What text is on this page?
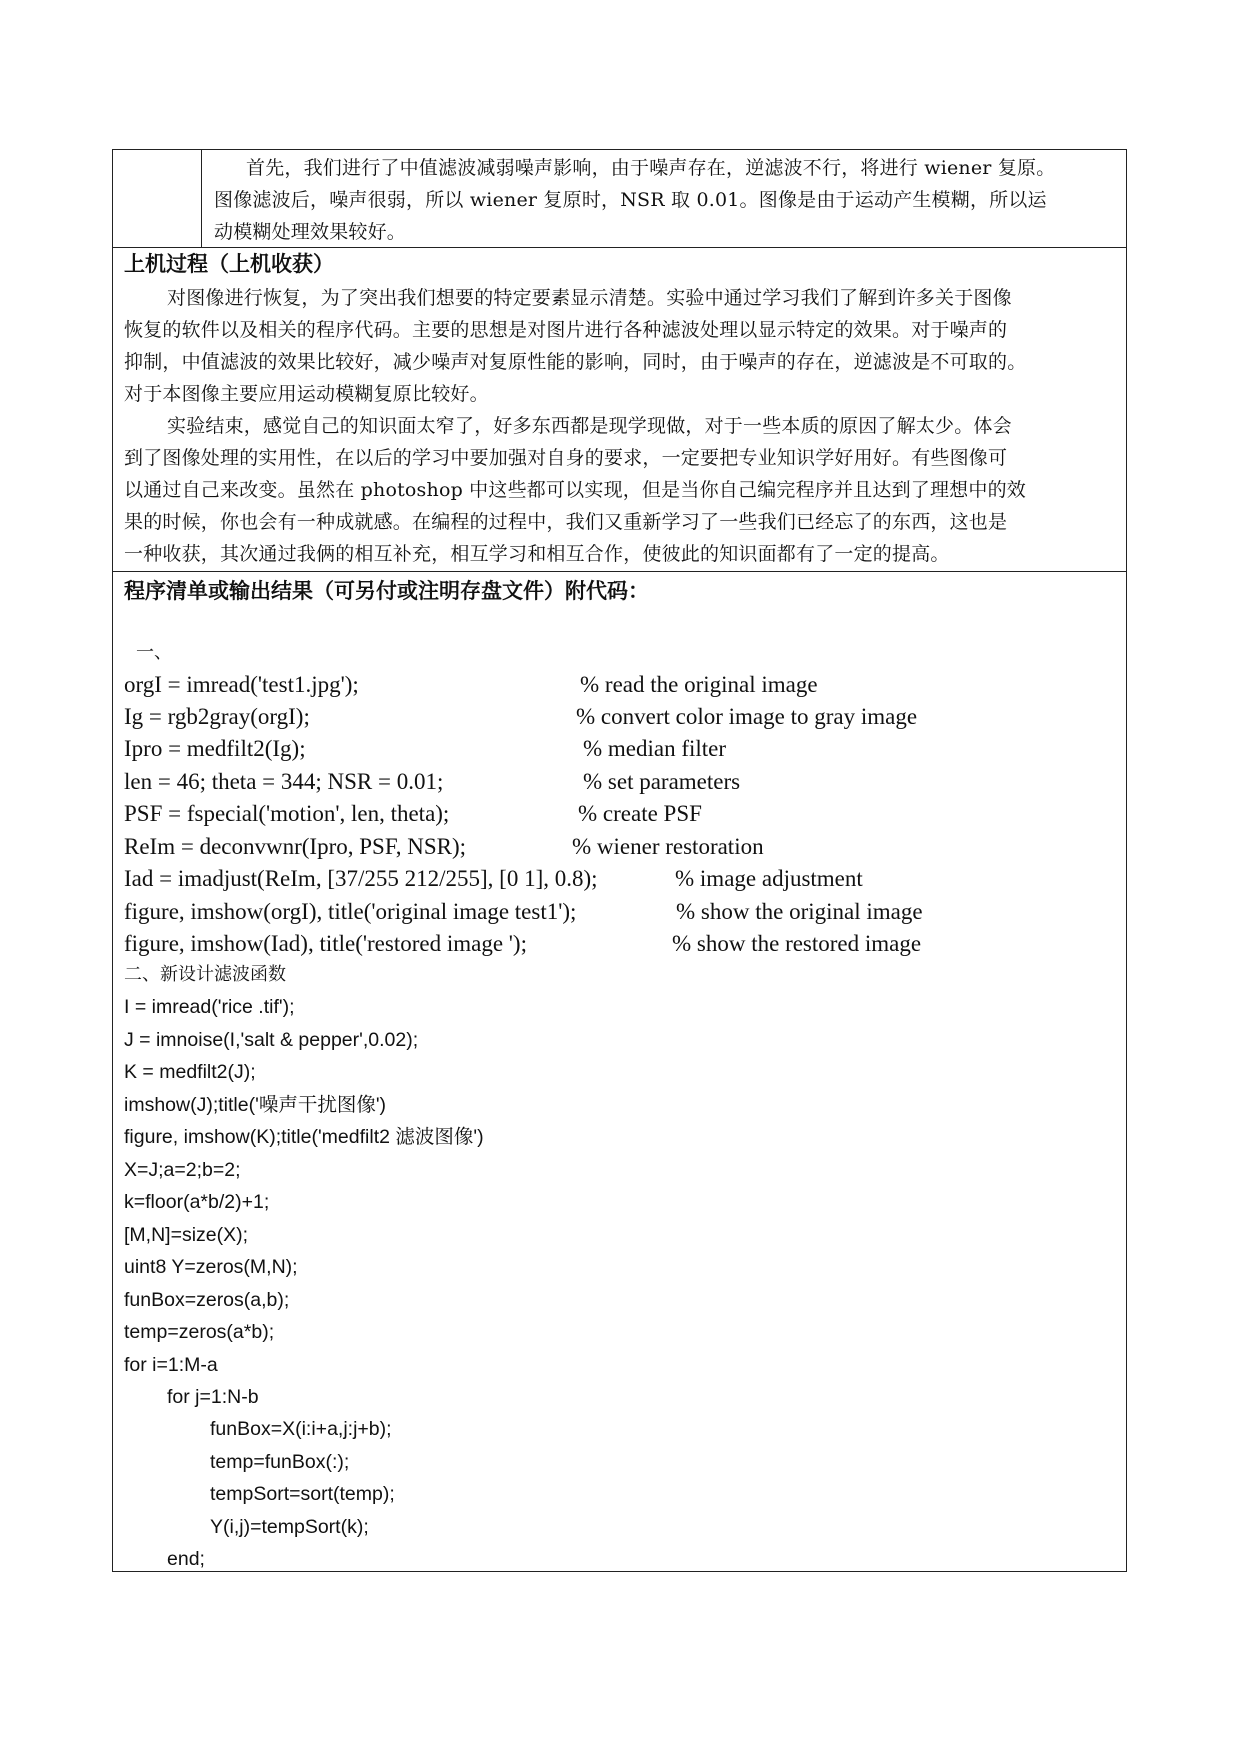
首先，我们进行了中值滤波减弱噪声影响，由于噪声存在，逆滤波不行，将进行 wiener 复原。
图像滤波后，噪声很弱，所以 wiener 复原时，NSR 取 0.01。图像是由于运动产生模糊，所以运
动模糊处理效果较好。
上机过程（上机收获）
对图像进行恢复，为了突出我们想要的特定要素显示清楚。实验中通过学习我们了解到许多关于图像
恢复的软件以及相关的程序代码。主要的思想是对图片进行各种滤波处理以显示特定的效果。对于噪声的
抑制，中值滤波的效果比较好，减少噪声对复原性能的影响，同时，由于噪声的存在，逆滤波是不可取的。
对于本图像主要应用运动模糊复原比较好。
实验结束，感觉自己的知识面太窄了，好多东西都是现学现做，对于一些本质的原因了解太少。体会
到了图像处理的实用性，在以后的学习中要加强对自身的要求，一定要把专业知识学好用好。有些图像可
以通过自己来改变。虽然在 photoshop 中这些都可以实现，但是当你自己编完程序并且达到了理想中的效
果的时候，你也会有一种成就感。在编程的过程中，我们又重新学习了一些我们已经忘了的东西，这也是
一种收获，其次通过我俩的相互补充，相互学习和相互合作，使彼此的知识面都有了一定的提高。
程序清单或输出结果（可另付或注明存盘文件）附代码：
一、
orgI = imread('test1.jpg');	% read the original image
Ig = rgb2gray(orgI);	% convert color image to gray image
Ipro = medfilt2(Ig);	% median filter
len = 46; theta = 344; NSR = 0.01;	% set parameters
PSF = fspecial('motion', len, theta);	% create PSF
ReIm = deconvwnr(Ipro, PSF, NSR);	% wiener restoration
Iad = imadjust(ReIm, [37/255 212/255], [0 1], 0.8);	% image adjustment
figure, imshow(orgI), title('original image test1');	% show the original image
figure, imshow(Iad), title('restored image ');	% show the restored image
二、新设计滤波函数
I = imread('rice .tif');
J = imnoise(I,'salt & pepper',0.02);
K = medfilt2(J);
imshow(J);title('噪声干扰图像')
figure, imshow(K);title('medfilt2 滤波图像')
X=J;a=2;b=2;
k=floor(a*b/2)+1;
[M,N]=size(X);
uint8 Y=zeros(M,N);
funBox=zeros(a,b);
temp=zeros(a*b);
for i=1:M-a
for j=1:N-b
funBox=X(i:i+a,j:j+b);
temp=funBox(:);
tempSort=sort(temp);
Y(i,j)=tempSort(k);
end;
